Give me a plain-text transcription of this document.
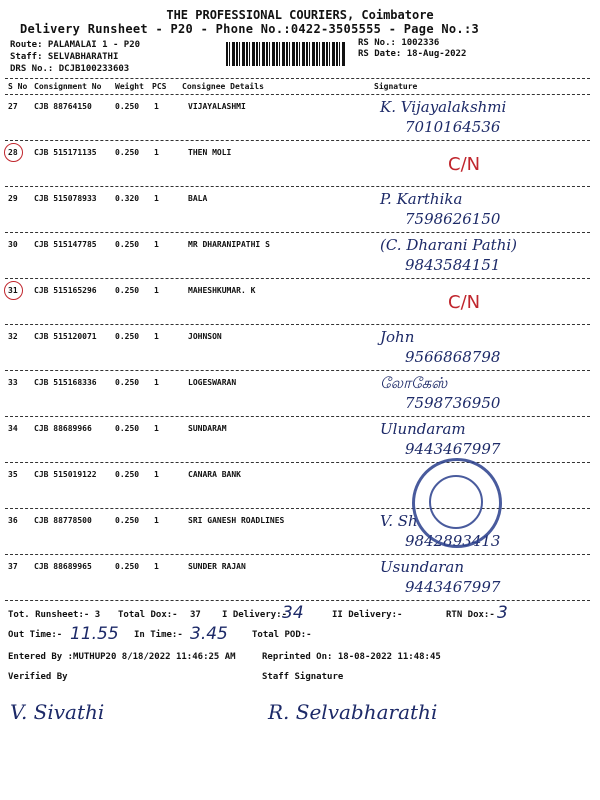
THE PROFESSIONAL COURIERS, Coimbatore
Delivery Runsheet - P20 - Phone No.:0422-3505555 - Page No.:3
Route: PALAMALAI 1 - P20
Staff: SELVABHARATHI
DRS No.: DCJB100233603
RS No.: 1002336
RS Date: 18-Aug-2022
S No Consignment No Weight PCS Consignee Details	Signature
27 CJB 88764150	0.250 1	VIJAYALASHMI	K. Vijayalakshmi
7010164536
28 CJB 515171135 0.250 1	THEN MOLI
C/N
29 CJB 515078933 0.320 1	BALA	P. Karthika
7598626150
30 CJB 515147785 0.250 1	MR DHARANIPATHI S	(C. Dharani Pathi)
9843584151
31 CJB 515165296 0.250 1	MAHESHKUMAR. K
C/N
32 CJB 515120071 0.250 1	JOHNSON	John
9566868798
33 CJB 515168336 0.250 1	LOGESWARAN	லோகேஸ்
7598736950
34 CJB 88689966	0.250 1	SUNDARAM	Ulundaram
9443467997
35 CJB 515019122 0.250 1	CANARA BANK
36 CJB 88778500	0.250 1	SRI GANESH ROADLINES	V. Sh
9842893413
37 CJB 88689965	0.250 1	SUNDER RAJAN	Usundaran
9443467997
Tot. Runsheet:- 3 Total Dox:- 37 I Delivery:-
34	II Delivery:-	RTN Dox:- 3
Out Time:- 11.55 In Time:- 3.45	Total POD:-
Entered By :MUTHUP20 8/18/2022 11:46:25 AM	Reprinted On: 18-08-2022 11:48:45
Verified By	Staff Signature
V. Sivathi	R. Selvabharathi
